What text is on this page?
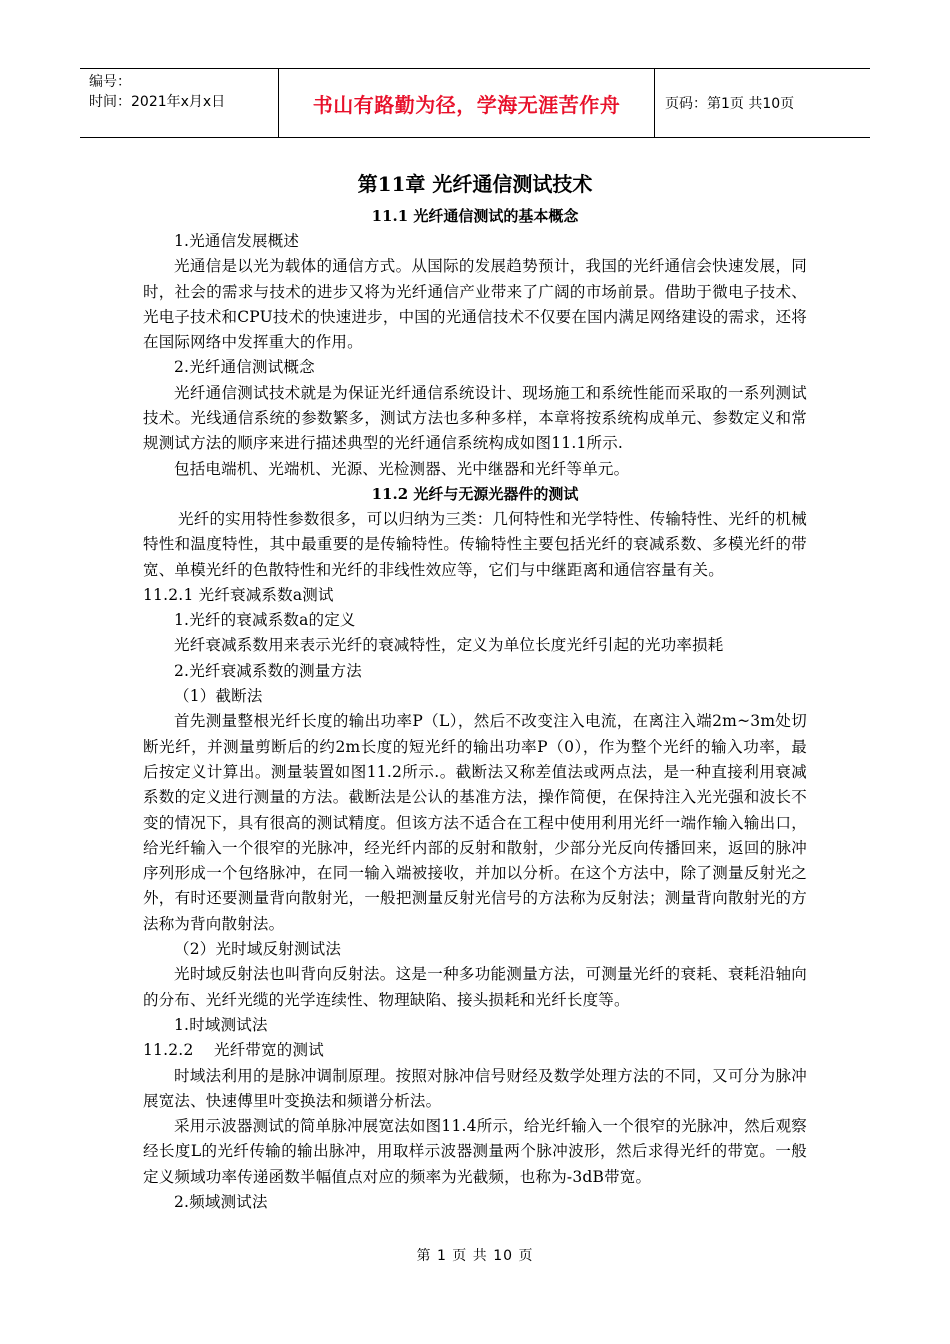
编号：
时间：2021年x月x日	书山有路勤为径，学海无涯苦作舟	页码：第1页 共10页
第11章 光纤通信测试技术
11.1 光纤通信测试的基本概念

1.光通信发展概述

光通信是以光为载体的通信方式。从国际的发展趋势预计，我国的光纤通信会快速发展，同时，社会的需求与技术的进步又将为光纤通信产业带来了广阔的市场前景。借助于微电子技术、光电子技术和CPU技术的快速进步，中国的光通信技术不仅要在国内满足网络建设的需求，还将在国际网络中发挥重大的作用。

2.光纤通信测试概念

光纤通信测试技术就是为保证光纤通信系统设计、现场施工和系统性能而采取的一系列测试技术。光线通信系统的参数繁多，测试方法也多种多样，本章将按系统构成单元、参数定义和常规测试方法的顺序来进行描述典型的光纤通信系统构成如图11.1所示.

包括电端机、光端机、光源、光检测器、光中继器和光纤等单元。

11.2 光纤与无源光器件的测试

光纤的实用特性参数很多，可以归纳为三类：几何特性和光学特性、传输特性、光纤的机械特性和温度特性，其中最重要的是传输特性。传输特性主要包括光纤的衰减系数、多模光纤的带宽、单模光纤的色散特性和光纤的非线性效应等，它们与中继距离和通信容量有关。

11.2.1 光纤衰减系数a测试

1.光纤的衰减系数a的定义

光纤衰减系数用来表示光纤的衰减特性，定义为单位长度光纤引起的光功率损耗

2.光纤衰减系数的测量方法

（1）截断法

首先测量整根光纤长度的输出功率P（L），然后不改变注入电流，在离注入端2m~3m处切断光纤，并测量剪断后的约2m长度的短光纤的输出功率P（0），作为整个光纤的输入功率，最后按定义计算出。测量装置如图11.2所示.。截断法又称差值法或两点法，是一种直接利用衰减系数的定义进行测量的方法。截断法是公认的基准方法，操作简便，在保持注入光光强和波长不变的情况下，具有很高的测试精度。但该方法不适合在工程中使用利用光纤一端作输入输出口，给光纤输入一个很窄的光脉冲，经光纤内部的反射和散射，少部分光反向传播回来，返回的脉冲序列形成一个包络脉冲，在同一输入端被接收，并加以分析。在这个方法中，除了测量反射光之外，有时还要测量背向散射光，一般把测量反射光信号的方法称为反射法；测量背向散射光的方法称为背向散射法。

（2）光时域反射测试法

光时域反射法也叫背向反射法。这是一种多功能测量方法，可测量光纤的衰耗、衰耗沿轴向的分布、光纤光缆的光学连续性、物理缺陷、接头损耗和光纤长度等。

1.时域测试法

11.2.2    光纤带宽的测试

时域法利用的是脉冲调制原理。按照对脉冲信号财经及数学处理方法的不同，又可分为脉冲展宽法、快速傅里叶变换法和频谱分析法。

采用示波器测试的简单脉冲展宽法如图11.4所示，给光纤输入一个很窄的光脉冲，然后观察经长度L的光纤传输的输出脉冲，用取样示波器测量两个脉冲波形，然后求得光纤的带宽。一般定义频域功率传递函数半幅值点对应的频率为光截频，也称为-3dB带宽。

2.频域测试法

第 1 页 共 10 页
